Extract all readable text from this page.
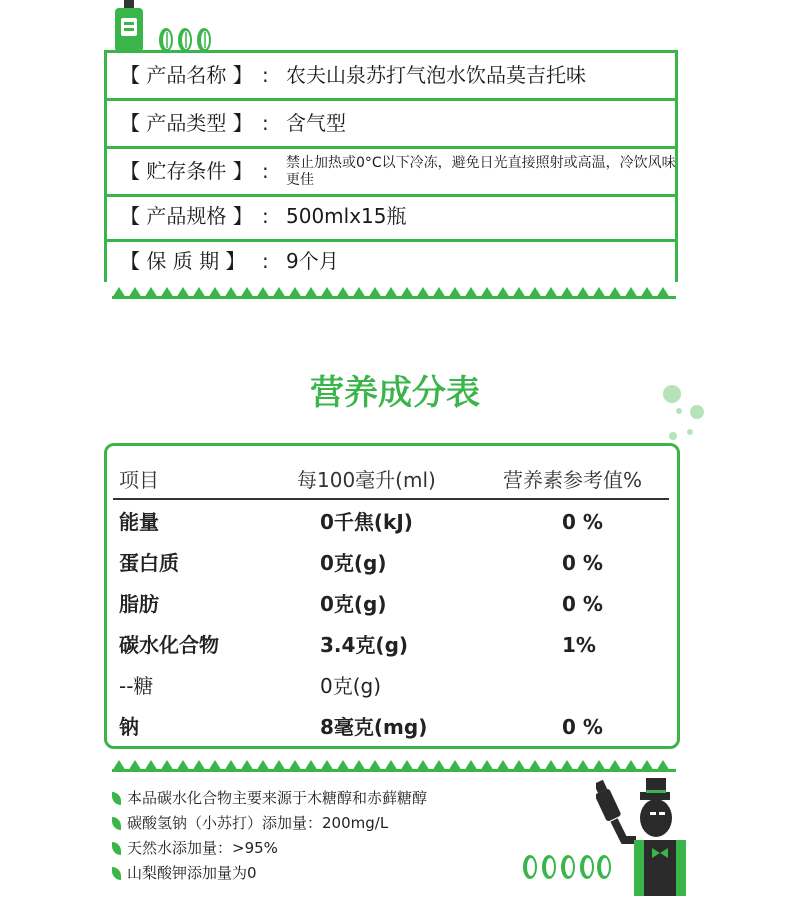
【 产品名称 】 : 农夫山泉苏打气泡水饮品莫吉托味
【 产品类型 】 : 含气型
【 贮存条件 】 : 禁止加热或0°C以下冷冻，避免日光直接照射或高温，冷饮风味更佳
【 产品规格 】 : 500mlx15瓶
【 保 质 期 】 : 9个月
营养成分表
项目	每100毫升(ml)	营养素参考值%
能量	0千焦(kJ)	0 %
蛋白质	0克(g)	0 %
脂肪	0克(g)	0 %
碳水化合物	3.4克(g)	1%
--糖	0克(g)
钠	8毫克(mg)	0 %
本品碳水化合物主要来源于木糖醇和赤藓糖醇
碳酸氢钠（小苏打）添加量：200mg/L
天然水添加量：>95%
山梨酸钾添加量为0
